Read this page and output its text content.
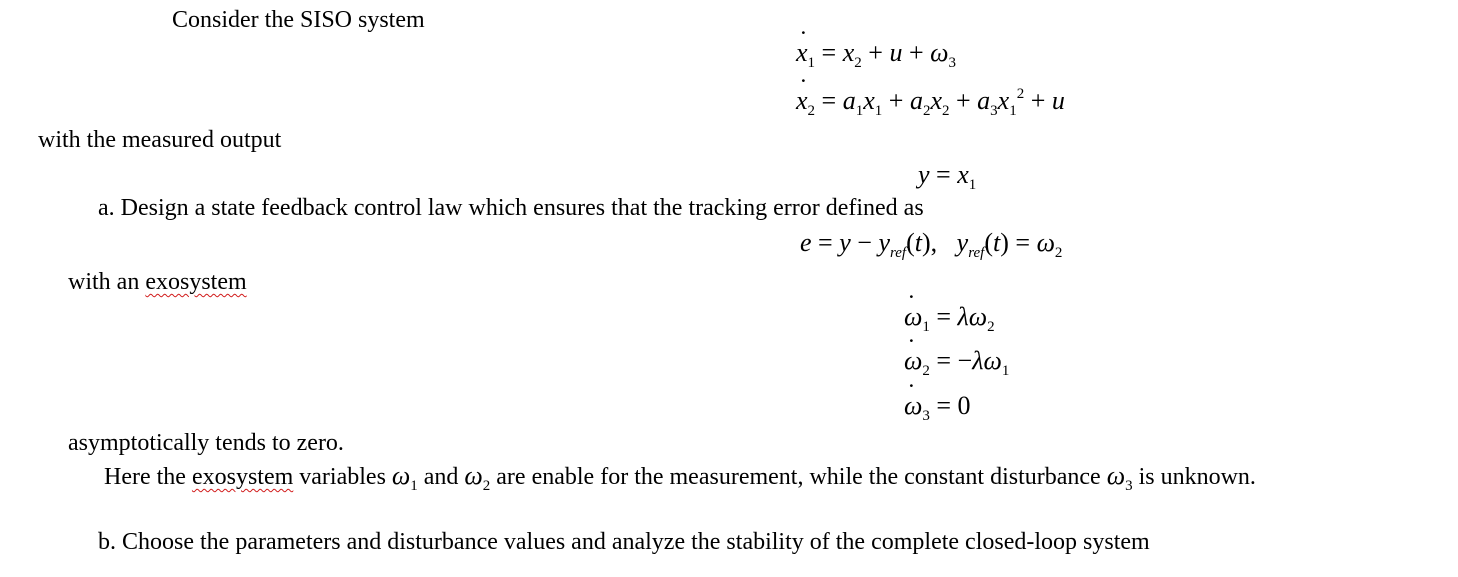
Consider the SISO system
˙ $x_1 = x_2 + u + \omega_3$
˙ $x_2 = a_1x_1 + a_2x_2 + a_3x_1^2 + u$
with the measured output
$y = x_1$
a. Design a state feedback control law which ensures that the tracking error defined as
$e = y - y_{ref}(t)$,   $y_{ref}(t) = \omega_2$
with an exosystem
˙ $\omega_1 = \lambda\omega_2$
˙ $\omega_2 = -\lambda\omega_1$
˙ $\omega_3 = 0$
asymptotically tends to zero.
Here the exosystem variables $\omega_1$ and $\omega_2$ are enable for the measurement, while the constant disturbance $\omega_3$ is unknown.
b. Choose the parameters and disturbance values and analyze the stability of the complete closed-loop system
